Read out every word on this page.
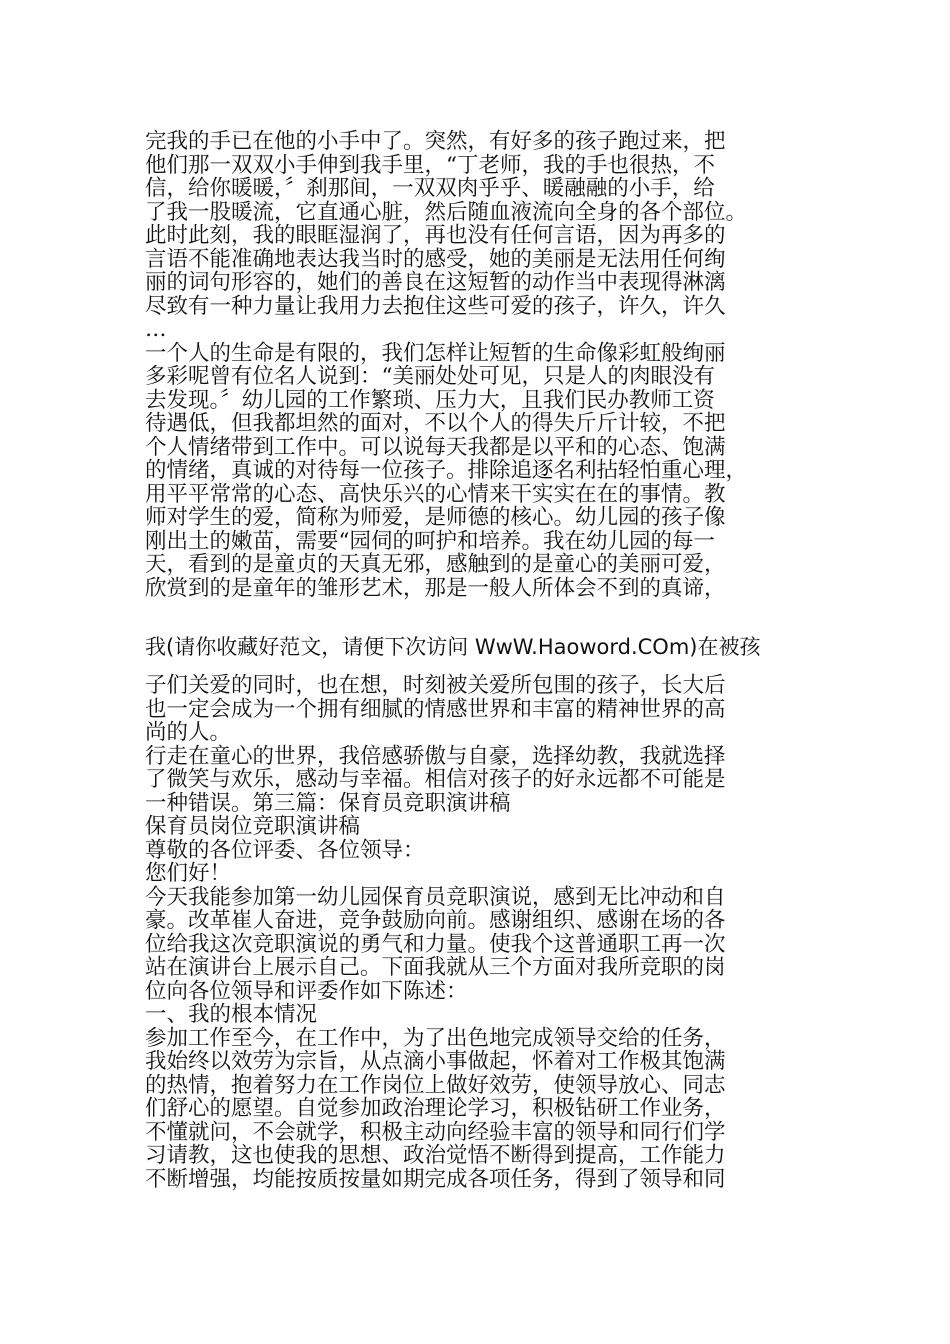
完我的手已在他的小手中了。突然，有好多的孩子跑过来，把
他们那一双双小手伸到我手里，“丁老师，我的手也很热，不
信，给你暖暖，〞刹那间，一双双肉乎乎、暖融融的小手，给
了我一股暖流，它直通心脏，然后随血液流向全身的各个部位。
此时此刻，我的眼眶湿润了，再也没有任何言语，因为再多的
言语不能准确地表达我当时的感受，她的美丽是无法用任何绚
丽的词句形容的，她们的善良在这短暂的动作当中表现得淋漓
尽致有一种力量让我用力去抱住这些可爱的孩子，许久，许久
…
一个人的生命是有限的，我们怎样让短暂的生命像彩虹般绚丽
多彩呢曾有位名人说到：“美丽处处可见，只是人的肉眼没有
去发现。〞幼儿园的工作繁琐、压力大，且我们民办教师工资
待遇低，但我都坦然的面对，不以个人的得失斤斤计较，不把
个人情绪带到工作中。可以说每天我都是以平和的心态、饱满
的情绪，真诚的对待每一位孩子。排除追逐名利拈轻怕重心理，
用平平常常的心态、高快乐兴的心情来干实实在在的事情。教
师对学生的爱，简称为师爱，是师德的核心。幼儿园的孩子像
刚出土的嫩苗，需要“园伺的呵护和培养。我在幼儿园的每一
天，看到的是童贞的天真无邪，感触到的是童心的美丽可爱，
欣赏到的是童年的雏形艺术，那是一般人所体会不到的真谛，
我(请你收藏好范文，请便下次访问 WwW.Haoword.COm)在被孩
子们关爱的同时，也在想，时刻被关爱所包围的孩子，长大后
也一定会成为一个拥有细腻的情感世界和丰富的精神世界的高
尚的人。
行走在童心的世界，我倍感骄傲与自豪，选择幼教，我就选择
了微笑与欢乐，感动与幸福。相信对孩子的好永远都不可能是
一种错误。第三篇：保育员竞职演讲稿
保育员岗位竞职演讲稿
尊敬的各位评委、各位领导：
您们好！
今天我能参加第一幼儿园保育员竞职演说，感到无比冲动和自
豪。改革崔人奋进，竞争鼓励向前。感谢组织、感谢在场的各
位给我这次竞职演说的勇气和力量。使我个这普通职工再一次
站在演讲台上展示自己。下面我就从三个方面对我所竞职的岗
位向各位领导和评委作如下陈述：
一、我的根本情况
参加工作至今，在工作中，为了出色地完成领导交给的任务，
我始终以效劳为宗旨，从点滴小事做起，怀着对工作极其饱满
的热情，抱着努力在工作岗位上做好效劳，使领导放心、同志
们舒心的愿望。自觉参加政治理论学习，积极钻研工作业务，
不懂就问，不会就学，积极主动向经验丰富的领导和同行们学
习请教，这也使我的思想、政治觉悟不断得到提高，工作能力
不断增强，均能按质按量如期完成各项任务，得到了领导和同
